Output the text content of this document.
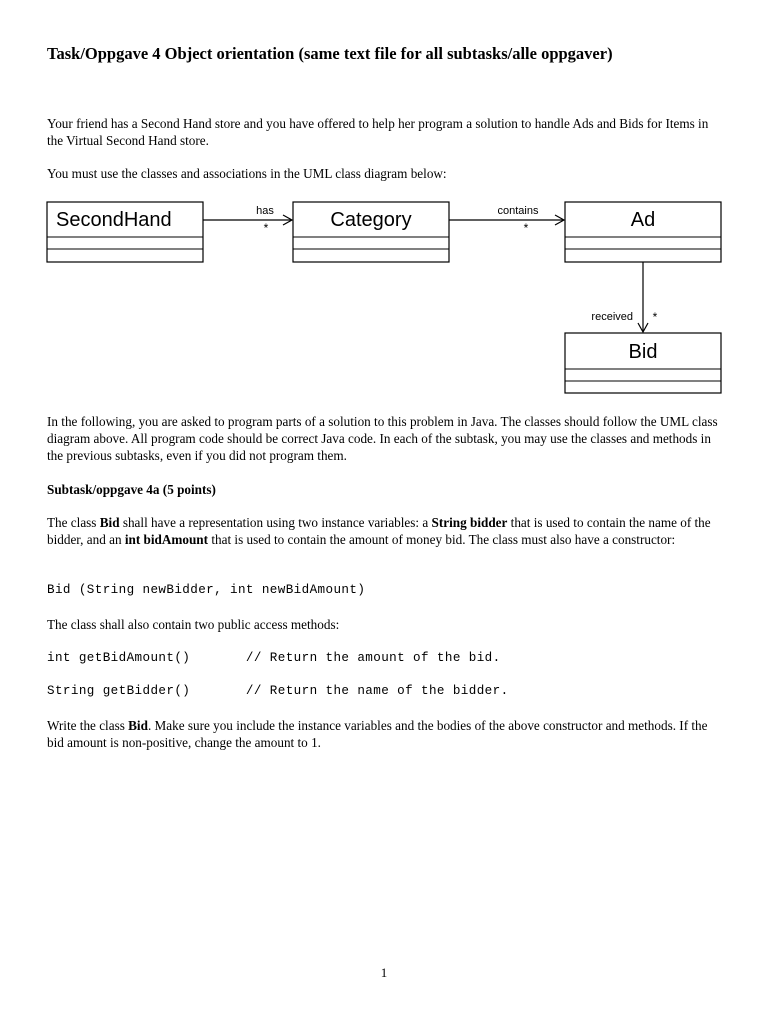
Task/Oppgave 4 Object orientation (same text file for all subtasks/alle oppgaver)
Your friend has a Second Hand store and you have offered to help her program a solution to handle Ads and Bids for Items in the Virtual Second Hand store.
You must use the classes and associations in the UML class diagram below:
SecondHand	Category	Ad
Bid
has
*
contains
*
received *
In the following, you are asked to program parts of a solution to this problem in Java. The classes should follow the UML class diagram above. All program code should be correct Java code. In each of the subtask, you may use the classes and methods in the previous subtasks, even if you did not program them.
Subtask/oppgave 4a (5 points)
The class Bid shall have a representation using two instance variables: a String bidder that is used to contain the name of the bidder, and an int bidAmount that is used to contain the amount of money bid. The class must also have a constructor:
Bid (String newBidder, int newBidAmount)
The class shall also contain two public access methods:
int getBidAmount()       // Return the amount of the bid.
String getBidder()       // Return the name of the bidder.
Write the class Bid. Make sure you include the instance variables and the bodies of the above constructor and methods. If the bid amount is non-positive, change the amount to 1.
1
